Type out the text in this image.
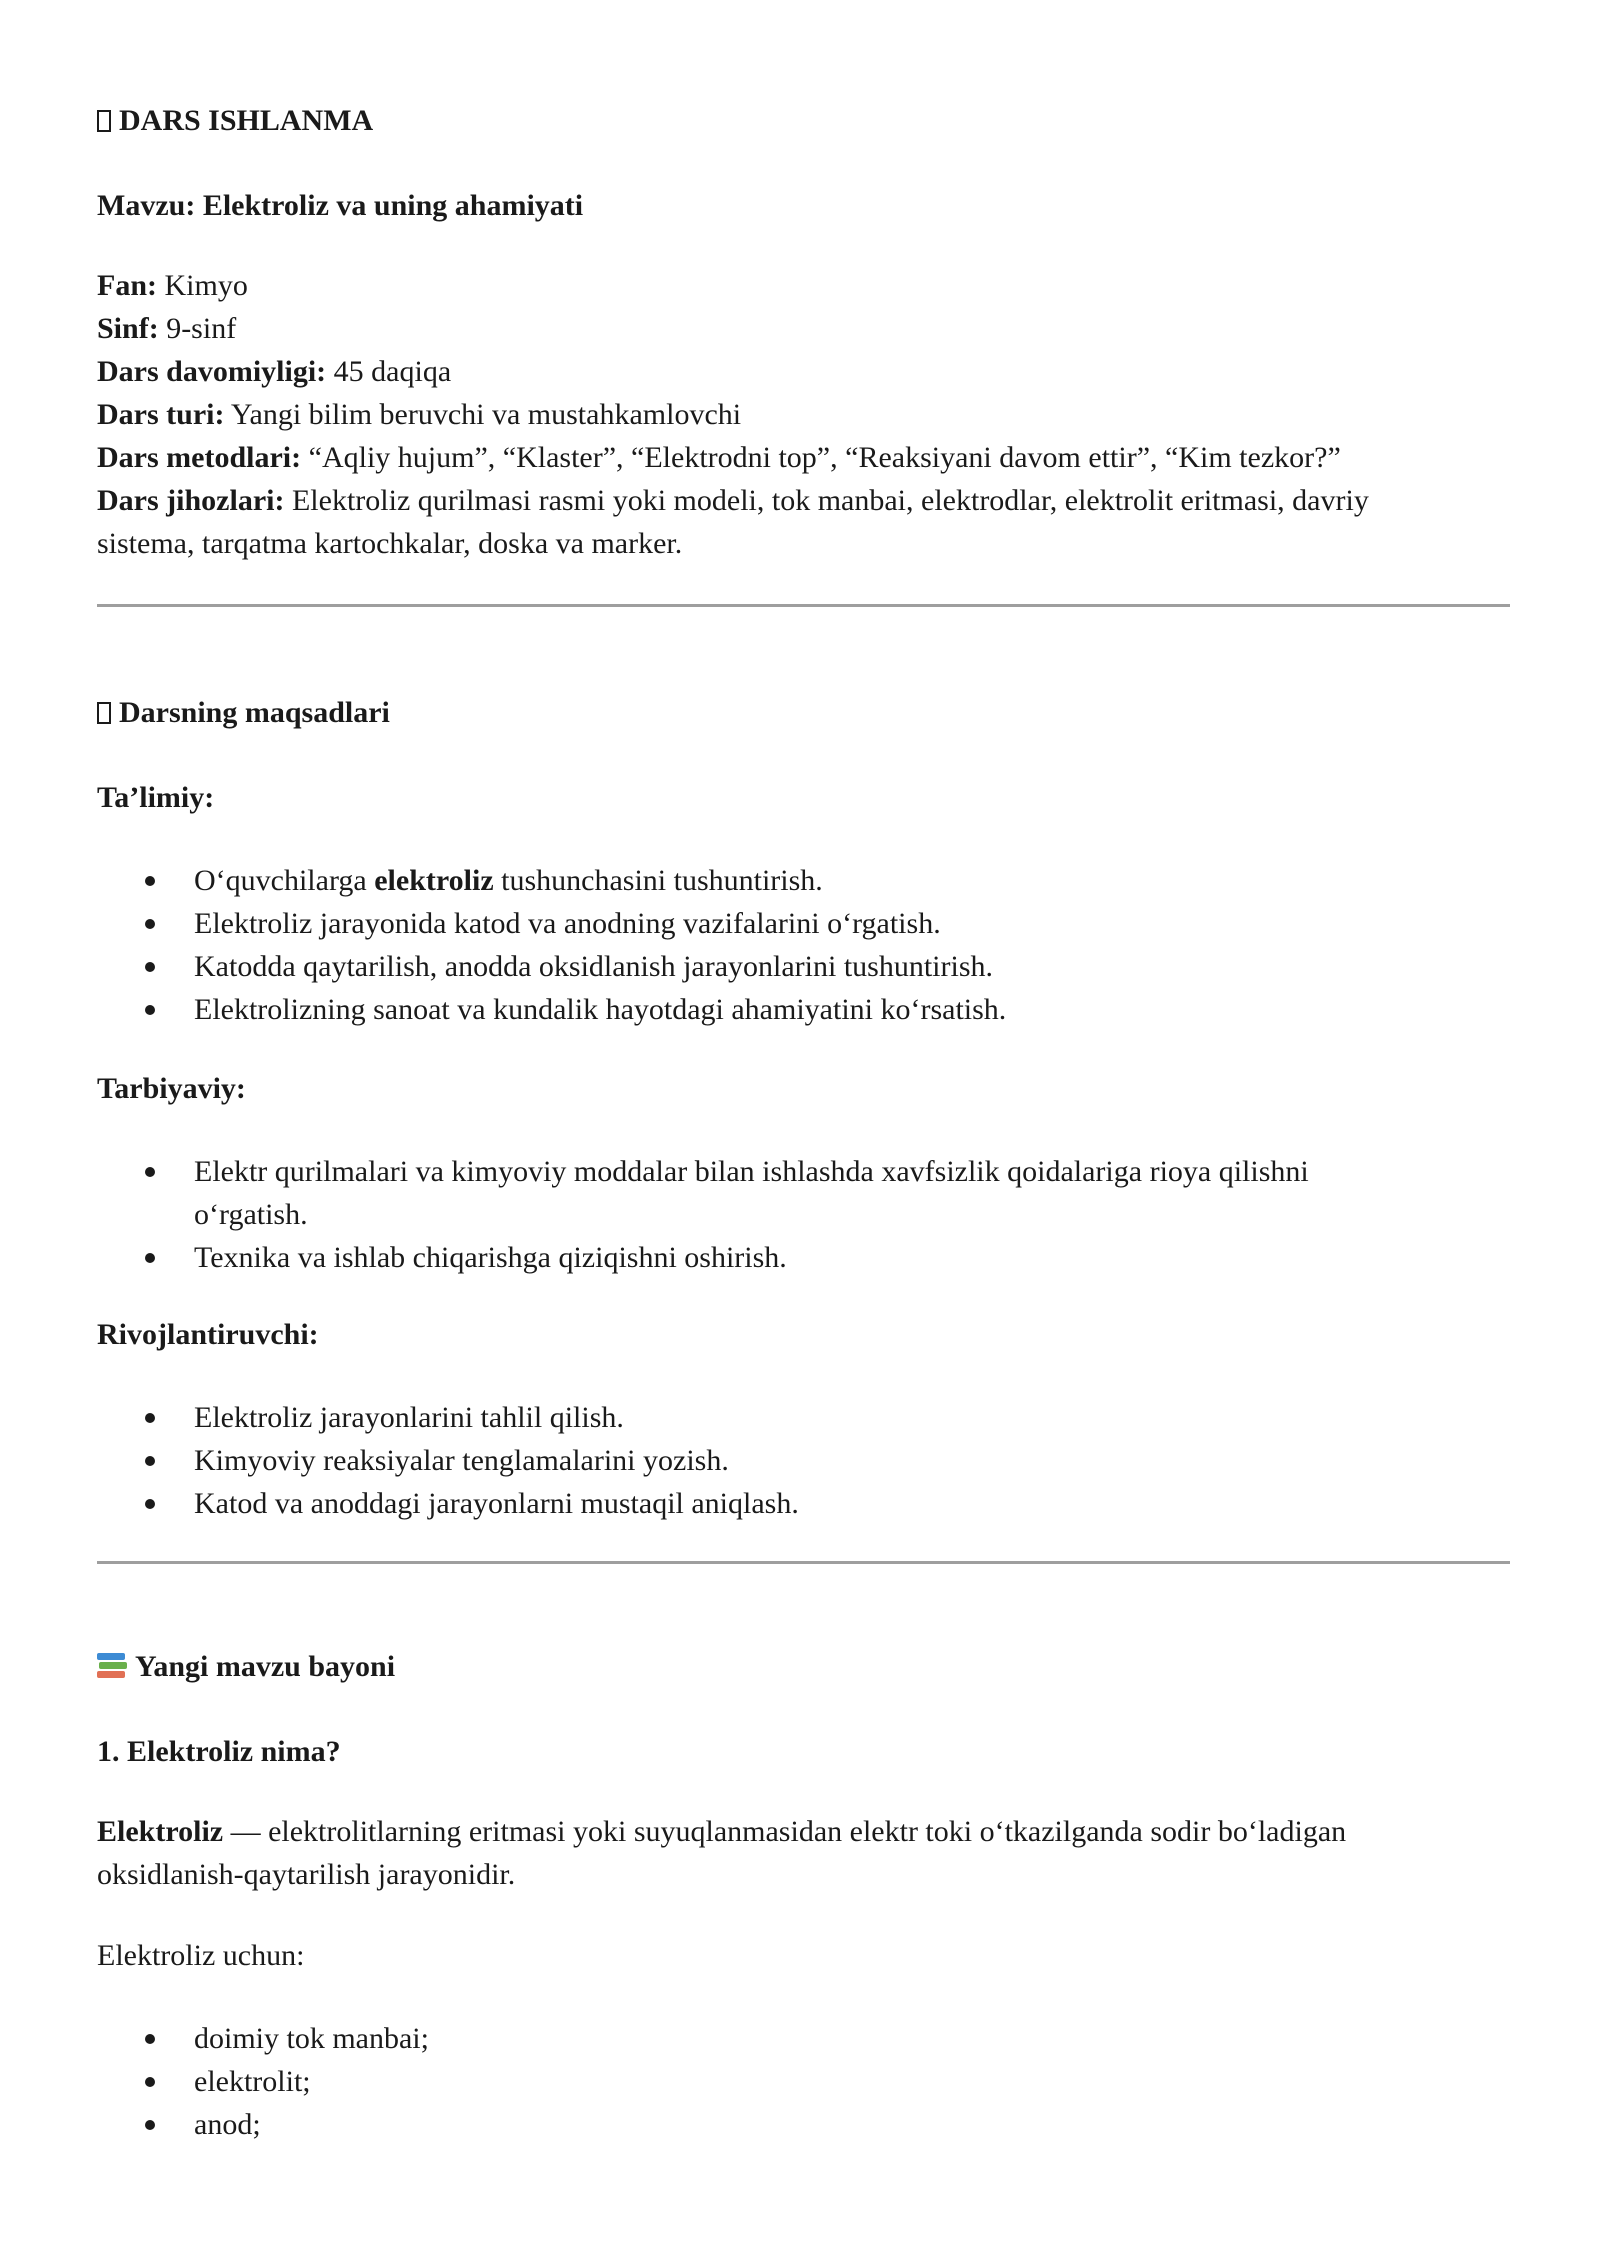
DARS ISHLANMA
Mavzu: Elektroliz va uning ahamiyati
Fan: Kimyo
Sinf: 9-sinf
Dars davomiyligi: 45 daqiqa
Dars turi: Yangi bilim beruvchi va mustahkamlovchi
Dars metodlari: “Aqliy hujum”, “Klaster”, “Elektrodni top”, “Reaksiyani davom ettir”, “Kim tezkor?”
Dars jihozlari: Elektroliz qurilmasi rasmi yoki modeli, tok manbai, elektrodlar, elektrolit eritmasi, davriy
sistema, tarqatma kartochkalar, doska va marker.
Darsning maqsadlari
Ta’limiy:
O‘quvchilarga elektroliz tushunchasini tushuntirish.
Elektroliz jarayonida katod va anodning vazifalarini o‘rgatish.
Katodda qaytarilish, anodda oksidlanish jarayonlarini tushuntirish.
Elektrolizning sanoat va kundalik hayotdagi ahamiyatini ko‘rsatish.
Tarbiyaviy:
Elektr qurilmalari va kimyoviy moddalar bilan ishlashda xavfsizlik qoidalariga rioya qilishni
o‘rgatish.
Texnika va ishlab chiqarishga qiziqishni oshirish.
Rivojlantiruvchi:
Elektroliz jarayonlarini tahlil qilish.
Kimyoviy reaksiyalar tenglamalarini yozish.
Katod va anoddagi jarayonlarni mustaqil aniqlash.
Yangi mavzu bayoni
1. Elektroliz nima?
Elektroliz — elektrolitlarning eritmasi yoki suyuqlanmasidan elektr toki o‘tkazilganda sodir bo‘ladigan
oksidlanish-qaytarilish jarayonidir.
Elektroliz uchun:
doimiy tok manbai;
elektrolit;
anod;
